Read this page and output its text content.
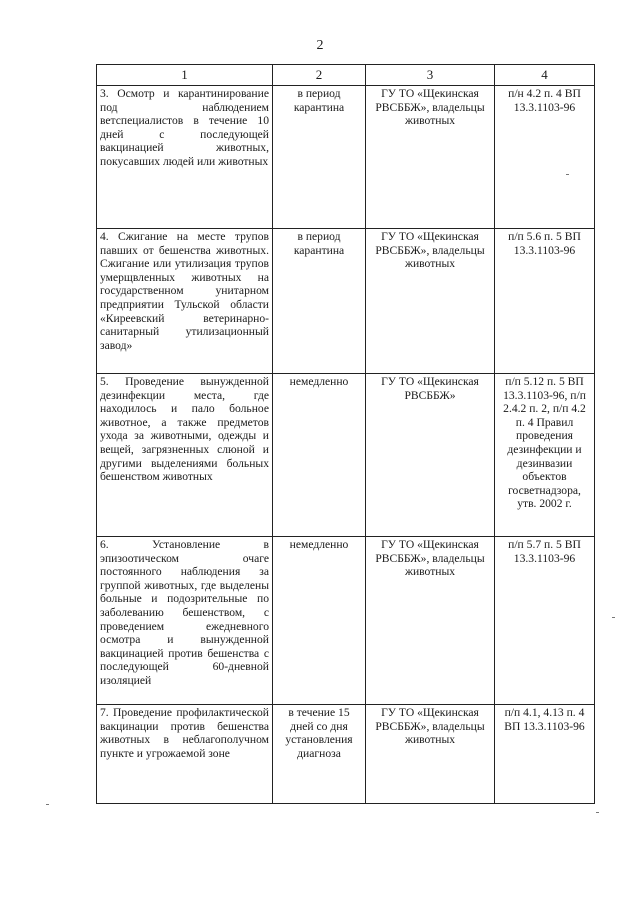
2
1	2	3	4
3. Осмотр и карантинирование под наблюдением ветспециалистов в течение 10 дней с последующей вакцинацией животных, покусавших людей или животных	в период карантина	ГУ ТО «Щекинская РВСББЖ», владельцы животных	п/н 4.2 п. 4 ВП 13.3.1103-96
4. Сжигание на месте трупов павших от бешенства животных. Сжигание или утилизация трупов умерщвленных животных на государственном унитарном предприятии Тульской области «Киреевский ветеринарно-санитарный утилизационный завод»	в период карантина	ГУ ТО «Щекинская РВСББЖ», владельцы животных	п/п 5.6 п. 5 ВП 13.3.1103-96
5. Проведение вынужденной дезинфекции места, где находилось и пало больное животное, а также предметов ухода за животными, одежды и вещей, загрязненных слюной и другими выделениями больных бешенством животных	немедленно	ГУ ТО «Щекинская РВСББЖ»	п/п 5.12 п. 5 ВП 13.3.1103-96, п/п 2.4.2 п. 2, п/п 4.2 п. 4 Правил проведения дезинфекции и дезинвазии объектов госветнадзора, утв. 2002 г.
6. Установление в эпизоотическом очаге постоянного наблюдения за группой животных, где выделены больные и подозрительные по заболеванию бешенством, с проведением ежедневного осмотра и вынужденной вакцинацией против бешенства с последующей 60-дневной изоляцией	немедленно	ГУ ТО «Щекинская РВСББЖ», владельцы животных	п/п 5.7 п. 5 ВП 13.3.1103-96
7. Проведение профилактической вакцинации против бешенства животных в неблагополучном пункте и угрожаемой зоне	в течение 15 дней со дня установления диагноза	ГУ ТО «Щекинская РВСББЖ», владельцы животных	п/п 4.1, 4.13 п. 4 ВП 13.3.1103-96
